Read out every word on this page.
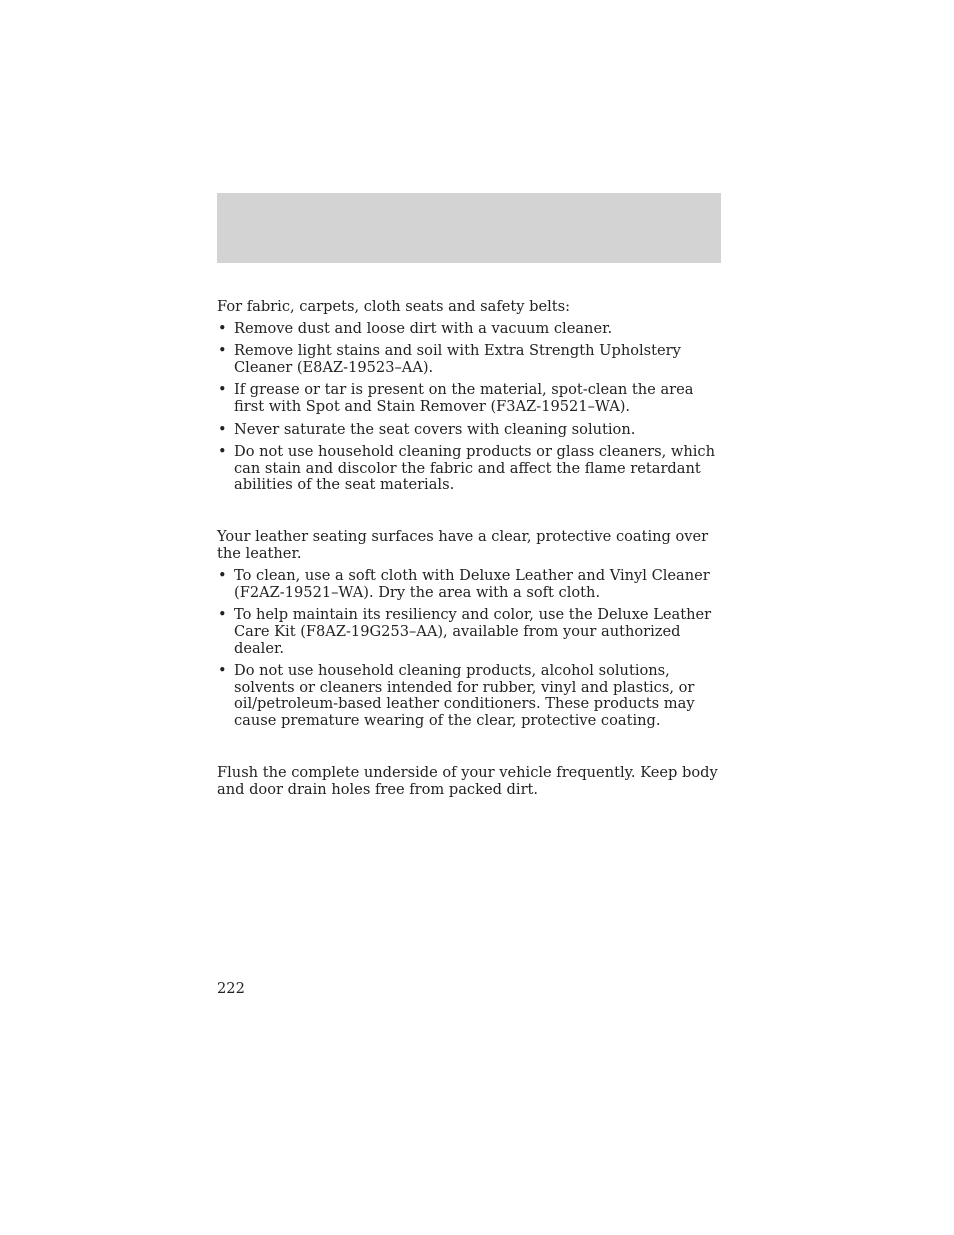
For fabric, carpets, cloth seats and safety belts:

• Remove dust and loose dirt with a vacuum cleaner.
• Remove light stains and soil with Extra Strength Upholstery Cleaner (E8AZ-19523–AA).
• If grease or tar is present on the material, spot-clean the area first with Spot and Stain Remover (F3AZ-19521–WA).
• Never saturate the seat covers with cleaning solution.
• Do not use household cleaning products or glass cleaners, which can stain and discolor the fabric and affect the flame retardant abilities of the seat materials.

Your leather seating surfaces have a clear, protective coating over the leather.

• To clean, use a soft cloth with Deluxe Leather and Vinyl Cleaner (F2AZ-19521–WA). Dry the area with a soft cloth.
• To help maintain its resiliency and color, use the Deluxe Leather Care Kit (F8AZ-19G253–AA), available from your authorized dealer.
• Do not use household cleaning products, alcohol solutions, solvents or cleaners intended for rubber, vinyl and plastics, or oil/petroleum-based leather conditioners. These products may cause premature wearing of the clear, protective coating.

Flush the complete underside of your vehicle frequently. Keep body and door drain holes free from packed dirt.

222
